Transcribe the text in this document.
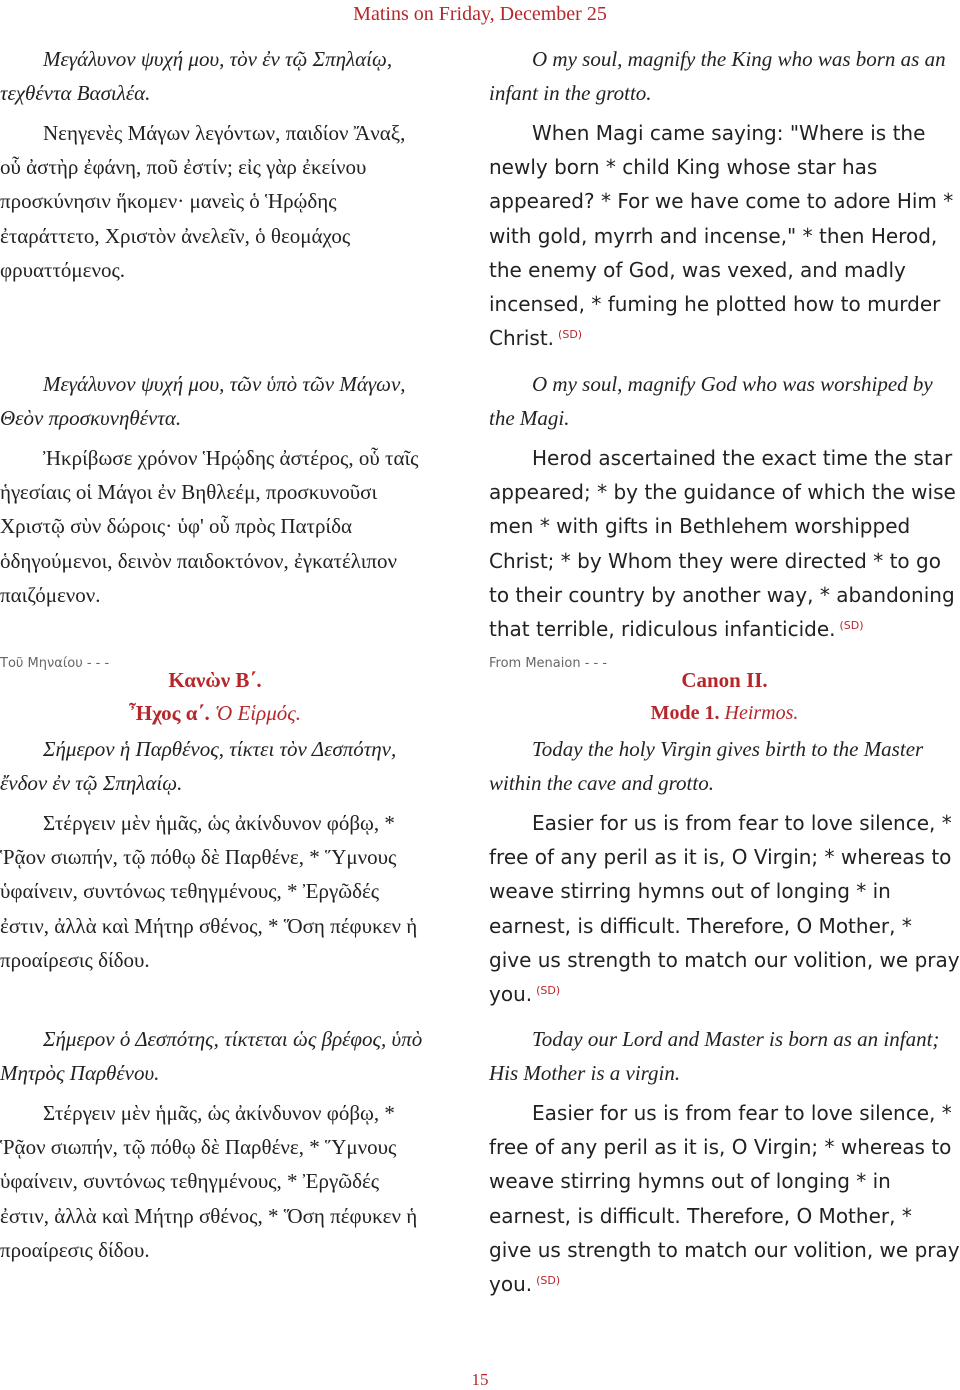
Matins on Friday, December 25
Μεγάλυνον ψυχή μου, τὸν ἐν τῷ Σπηλαίῳ, τεχθέντα Βασιλέα.
Νεηγενὲς Μάγων λεγόντων, παιδίον Ἄναξ, οὗ ἀστὴρ ἐφάνη, ποῦ ἐστίν; εἰς γὰρ ἐκείνου προσκύνησιν ἥκομεν· μανεὶς ὁ Ἡρῴδης ἐταράττετο, Χριστὸν ἀνελεῖν, ὁ θεομάχος φρυαττόμενος.
Μεγάλυνον ψυχή μου, τῶν ὑπὸ τῶν Μάγων, Θεὸν προσκυνηθέντα.
Ἠκρίβωσε χρόνον Ἡρῴδης ἀστέρος, οὗ ταῖς ἡγεσίαις οἱ Μάγοι ἐν Βηθλεέμ, προσκυνοῦσι Χριστῷ σὺν δώροις· ὑφ' οὗ πρὸς Πατρίδα ὁδηγούμενοι, δεινὸν παιδοκτόνον, ἐγκατέλιπον παιζόμενον.
Τοῦ Μηναίου - - -
Κανὼν Β΄.
Ἦχος α΄. Ὁ Εἱρμός.
Σήμερον ἡ Παρθένος, τίκτει τὸν Δεσπότην, ἔνδον ἐν τῷ Σπηλαίῳ.
Στέργειν μὲν ἡμᾶς, ὡς ἀκίνδυνον φόβῳ, * Ῥᾷον σιωπήν, τῷ πόθῳ δὲ Παρθένε, * Ὕμνους ὑφαίνειν, συντόνως τεθηγμένους, * Ἐργῶδές ἐστιν, ἀλλὰ καὶ Μήτηρ σθένος, * Ὅση πέφυκεν ἡ προαίρεσις δίδου.
Σήμερον ὁ Δεσπότης, τίκτεται ὡς βρέφος, ὑπὸ Μητρὸς Παρθένου.
Στέργειν μὲν ἡμᾶς, ὡς ἀκίνδυνον φόβῳ, * Ῥᾷον σιωπήν, τῷ πόθῳ δὲ Παρθένε, * Ὕμνους ὑφαίνειν, συντόνως τεθηγμένους, * Ἐργῶδές ἐστιν, ἀλλὰ καὶ Μήτηρ σθένος, * Ὅση πέφυκεν ἡ προαίρεσις δίδου.
O my soul, magnify the King who was born as an infant in the grotto.
When Magi came saying: "Where is the newly born * child King whose star has appeared? * For we have come to adore Him * with gold, myrrh and incense," * then Herod, the enemy of God, was vexed, and madly incensed, * fuming he plotted how to murder Christ. $^{(SD)}$
O my soul, magnify God who was worshiped by the Magi.
Herod ascertained the exact time the star appeared; * by the guidance of which the wise men * with gifts in Bethlehem worshipped Christ; * by Whom they were directed * to go to their country by another way, * abandoning that terrible, ridiculous infanticide. $^{(SD)}$
From Menaion - - -
Canon II.
Mode 1. Heirmos.
Today the holy Virgin gives birth to the Master within the cave and grotto.
Easier for us is from fear to love silence, * free of any peril as it is, O Virgin; * whereas to weave stirring hymns out of longing * in earnest, is difficult. Therefore, O Mother, * give us strength to match our volition, we pray you. $^{(SD)}$
Today our Lord and Master is born as an infant; His Mother is a virgin.
Easier for us is from fear to love silence, * free of any peril as it is, O Virgin; * whereas to weave stirring hymns out of longing * in earnest, is difficult. Therefore, O Mother, * give us strength to match our volition, we pray you. $^{(SD)}$
15
